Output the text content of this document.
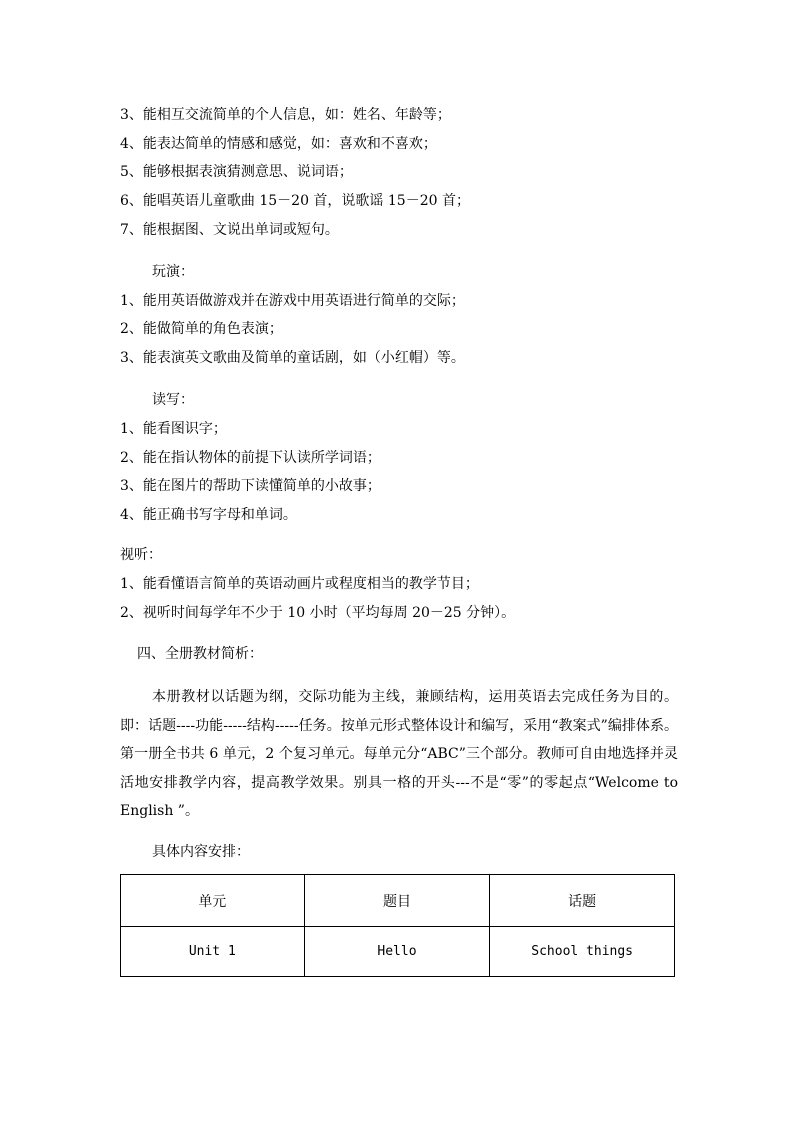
3、能相互交流简单的个人信息，如：姓名、年龄等；
4、能表达简单的情感和感觉，如：喜欢和不喜欢；
5、能够根据表演猜测意思、说词语；
6、能唱英语儿童歌曲 15－20 首，说歌谣 15－20 首；
7、能根据图、文说出单词或短句。
玩演：
1、能用英语做游戏并在游戏中用英语进行简单的交际；
2、能做简单的角色表演；
3、能表演英文歌曲及简单的童话剧，如（小红帽）等。
读写：
1、能看图识字；
2、能在指认物体的前提下认读所学词语；
3、能在图片的帮助下读懂简单的小故事；
4、能正确书写字母和单词。
视听：
1、能看懂语言简单的英语动画片或程度相当的教学节目；
2、视听时间每学年不少于 10 小时（平均每周 20－25 分钟）。
四、全册教材简析：
本册教材以话题为纲，交际功能为主线，兼顾结构，运用英语去完成任务为目的。即：话题----功能-----结构-----任务。按单元形式整体设计和编写，采用“教案式”编排体系。第一册全书共 6 单元，2 个复习单元。每单元分“ABC”三个部分。教师可自由地选择并灵活地安排教学内容，提高教学效果。别具一格的开头---不是“零”的零起点“Welcome to English ”。
具体内容安排：
单元	题目	话题
Unit 1	Hello	School things
